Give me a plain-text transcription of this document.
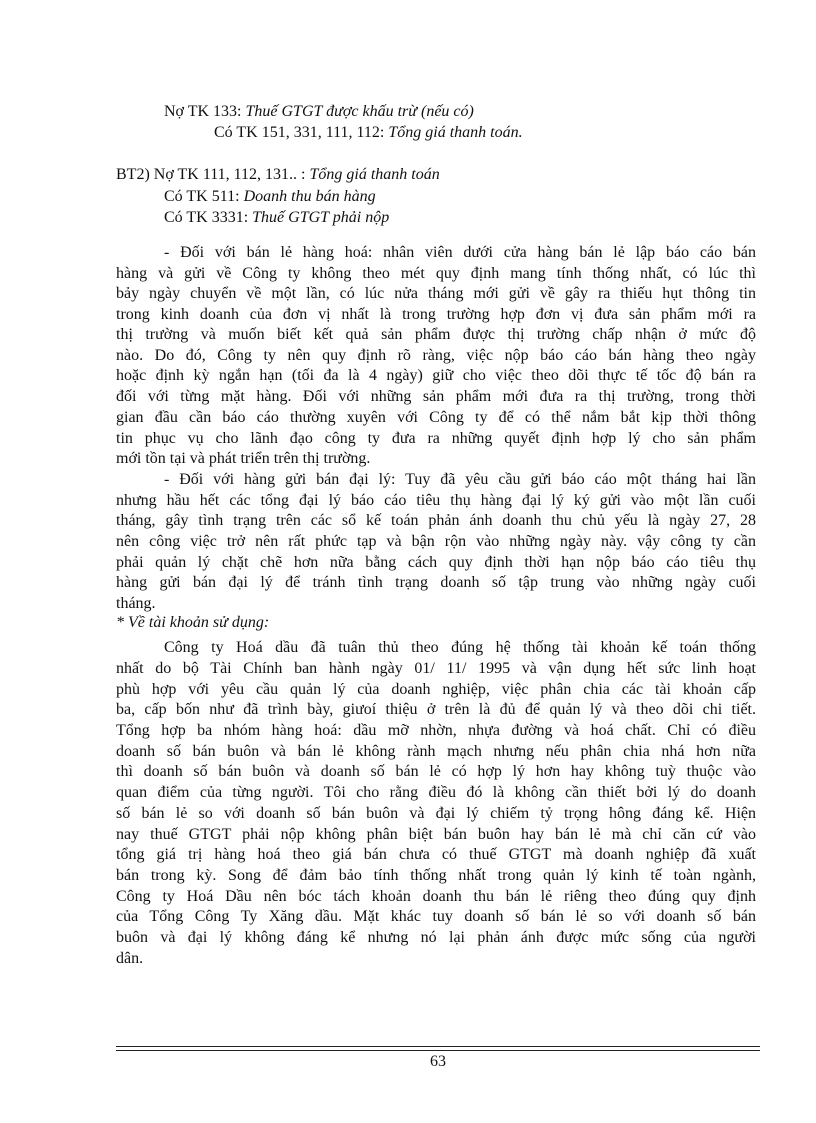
Nợ TK 133: Thuế GTGT được khấu trừ (nếu có)
Có TK 151, 331, 111, 112: Tổng giá thanh toán.
BT2) Nợ TK 111, 112, 131.. : Tổng giá thanh toán
Có TK 511: Doanh thu bán hàng
Có TK 3331: Thuế GTGT phải nộp
- Đối với bán lẻ hàng hoá: nhân viên dưới cửa hàng bán lẻ lập báo cáo bán
hàng và gửi về Công ty không theo mét quy định mang tính thống nhất, có lúc thì
bảy ngày chuyển về một lần, có lúc nửa tháng mới gửi về gây ra thiếu hụt thông tin
trong kinh doanh của đơn vị nhất là trong trường hợp đơn vị đưa sản phẩm mới ra
thị trường và muốn biết kết quả sản phẩm được thị trường chấp nhận ở mức độ
nào. Do đó, Công ty nên quy định rõ ràng, việc nộp báo cáo bán hàng theo ngày
hoặc định kỳ ngắn hạn (tối đa là 4 ngày) giữ cho việc theo dõi thực tế tốc độ bán ra
đối với từng mặt hàng. Đối với những sản phẩm mới đưa ra thị trường, trong thời
gian đầu cần báo cáo thường xuyên với Công ty để có thể nắm bắt kịp thời thông
tin phục vụ cho lãnh đạo công ty đưa ra những quyết định hợp lý cho sản phẩm
mới tồn tại và phát triển trên thị trường.
- Đối với hàng gửi bán đại lý: Tuy đã yêu cầu gửi báo cáo một tháng hai lần
nhưng hầu hết các tổng đại lý báo cáo tiêu thụ hàng đại lý ký gửi vào một lần cuối
tháng, gây tình trạng trên các sổ kế toán phản ánh doanh thu chủ yếu là ngày 27, 28
nên công việc trở nên rất phức tạp và bận rộn vào những ngày này. vậy công ty cần
phải quản lý chặt chẽ hơn nữa bằng cách quy định thời hạn nộp báo cáo tiêu thụ
hàng gửi bán đại lý để tránh tình trạng doanh số tập trung vào những ngày cuối
tháng.
* Về tài khoản sử dụng:
Công ty Hoá dầu đã tuân thủ theo đúng hệ thống tài khoản kế toán thống
nhất do bộ Tài Chính ban hành ngày 01/ 11/ 1995 và vận dụng hết sức linh hoạt
phù hợp với yêu cầu quản lý của doanh nghiệp, việc phân chia các tài khoản cấp
ba, cấp bốn như đã trình bày, giưoí thiệu ở trên là đủ để quản lý và theo dõi chi tiết.
Tổng hợp ba nhóm hàng hoá: dầu mỡ nhờn, nhựa đường và hoá chất. Chỉ có điều
doanh số bán buôn và bán lẻ không rành mạch nhưng nếu phân chia nhá hơn nữa
thì doanh số bán buôn và doanh số bán lẻ có hợp lý hơn hay không tuỳ thuộc vào
quan điểm của từng người. Tôi cho rằng điều đó là không cần thiết bởi lý do doanh
số bán lẻ so với doanh số bán buôn và đại lý chiếm tỷ trọng hông đáng kể. Hiện
nay thuế GTGT phải nộp không phân biệt bán buôn hay bán lẻ mà chỉ căn cứ vào
tổng giá trị hàng hoá theo giá bán chưa có thuế GTGT mà doanh nghiệp đã xuất
bán trong kỳ. Song để đảm bảo tính thống nhất trong quản lý kinh tế toàn ngành,
Công ty Hoá Dầu nên bóc tách khoản doanh thu bán lẻ riêng theo đúng quy định
của Tổng Công Ty Xăng dầu. Mặt khác tuy doanh số bán lẻ so với doanh số bán
buôn và đại lý không đáng kể nhưng nó lại phản ánh được mức sống của người
dân.
63
